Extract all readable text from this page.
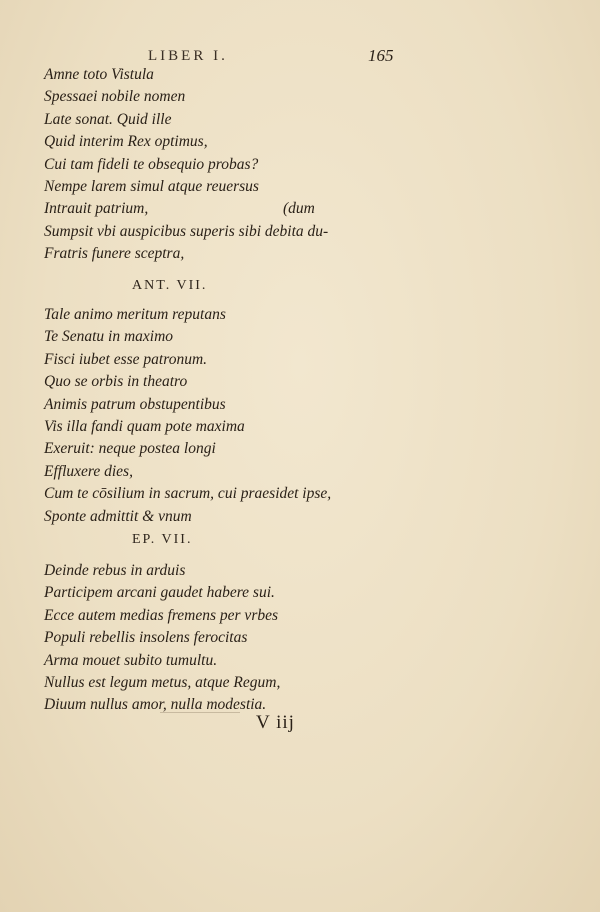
LIBER I.	165
Amne toto Vistula
Spessaei nobile nomen
Late sonat. Quid ille
Quid interim Rex optimus,
Cui tam fideli te obsequio probas?
Nempe larem simul atque reuersus
Intrauit patrium,
Sumpsit vbi auspicibus superis sibi debita du-
Fratris funere sceptra,
(dum
ANT. VII.
Tale animo meritum reputans
Te Senatu in maximo
Fisci iubet esse patronum.
Quo se orbis in theatro
Animis patrum obstupentibus
Vis illa fandi quam pote maxima
Exeruit: neque postea longi
Effluxere dies,
Cum te cōsilium in sacrum, cui praesidet ipse,
Sponte admittit & vnum
EP. VII.
Deinde rebus in arduis
Participem arcani gaudet habere sui.
Ecce autem medias fremens per vrbes
Populi rebellis insolens ferocitas
Arma mouet subito tumultu.
Nullus est legum metus, atque Regum,
Diuum nullus amor, nulla modestia.
V iij
